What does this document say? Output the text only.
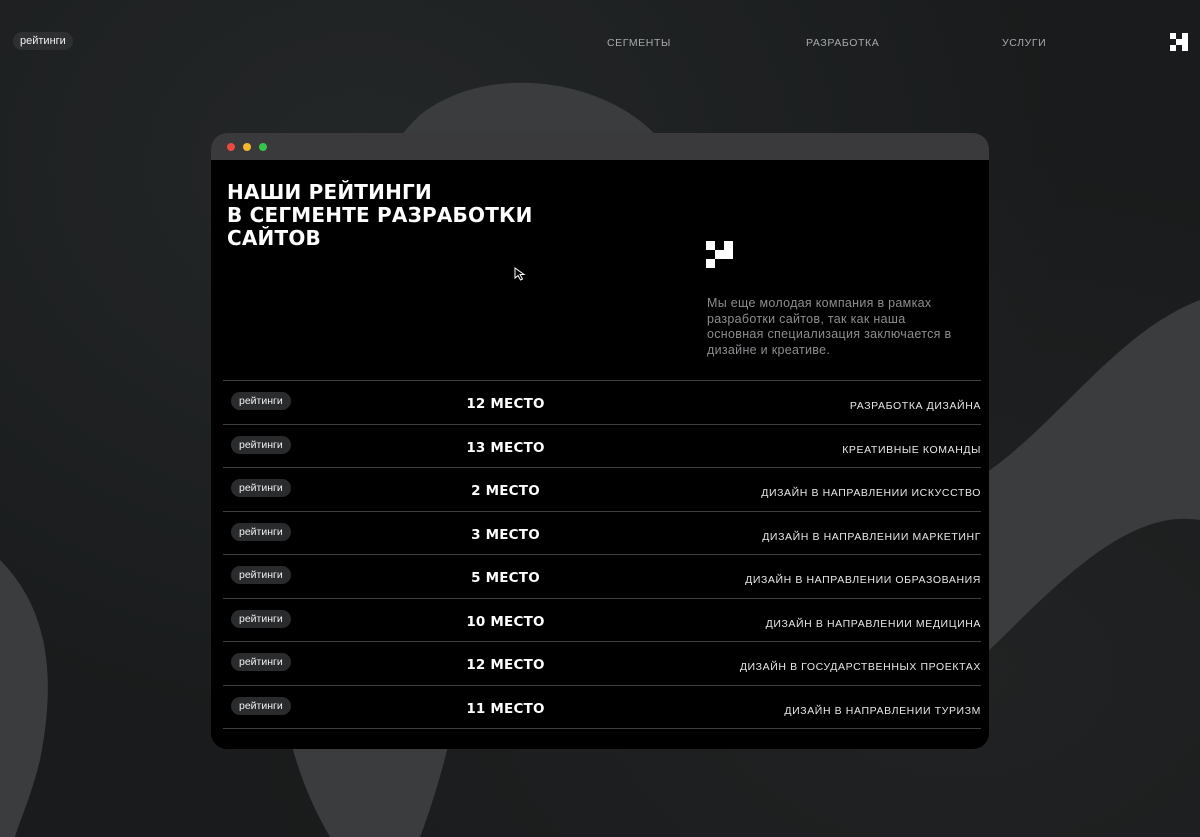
рейтинги	СЕГМЕНТЫ	РАЗРАБОТКА	УСЛУГИ
НАШИ РЕЙТИНГИ
В СЕГМЕНТЕ РАЗРАБОТКИ
САЙТОВ
Мы еще молодая компания в рамках разработки сайтов, так как наша основная специализация заключается в дизайне и креативе.
рейтинги	12 МЕСТО	РАЗРАБОТКА ДИЗАЙНА
рейтинги	13 МЕСТО	КРЕАТИВНЫЕ КОМАНДЫ
рейтинги	2 МЕСТО	ДИЗАЙН В НАПРАВЛЕНИИ ИСКУССТВО
рейтинги	3 МЕСТО	ДИЗАЙН В НАПРАВЛЕНИИ МАРКЕТИНГ
рейтинги	5 МЕСТО	ДИЗАЙН В НАПРАВЛЕНИИ ОБРАЗОВАНИЯ
рейтинги	10 МЕСТО	ДИЗАЙН В НАПРАВЛЕНИИ МЕДИЦИНА
рейтинги	12 МЕСТО	ДИЗАЙН В ГОСУДАРСТВЕННЫХ ПРОЕКТАХ
рейтинги	11 МЕСТО	ДИЗАЙН В НАПРАВЛЕНИИ ТУРИЗМ
